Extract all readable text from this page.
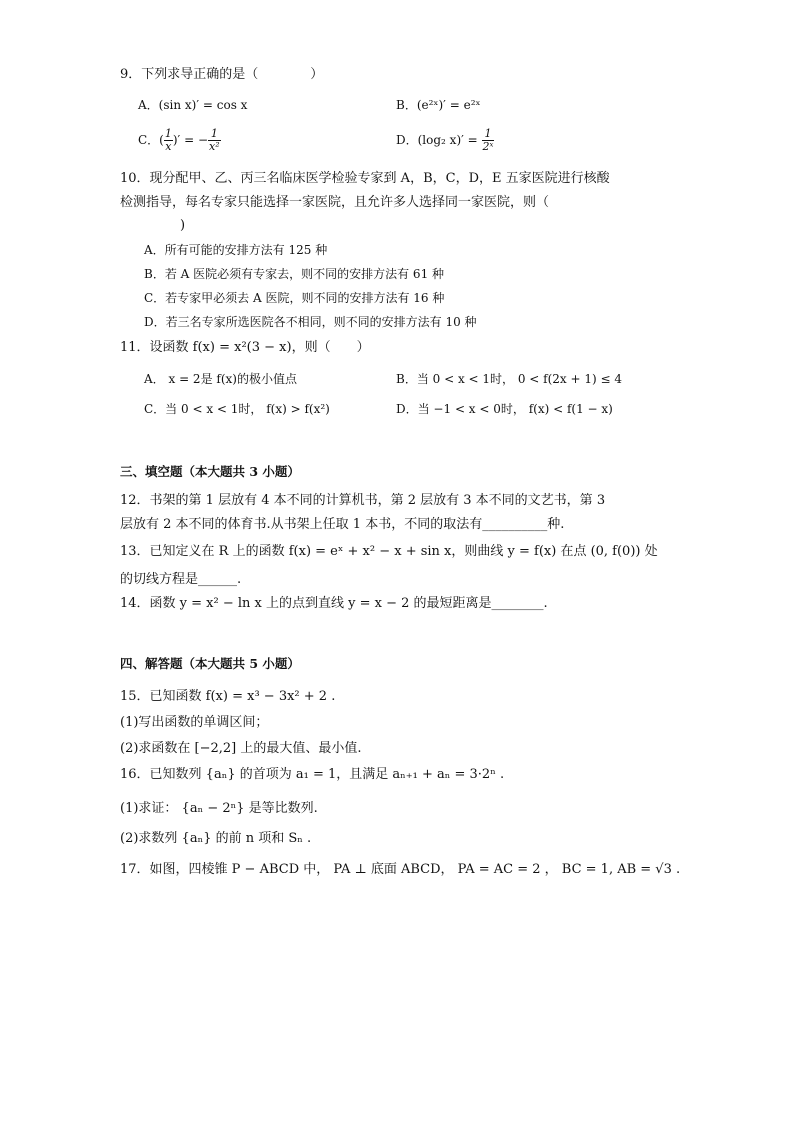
9．下列求导正确的是（　　　　）
A．(sin x)′ = cos x	B．(e²ˣ)′ = e²ˣ
C．( $\frac{1}{x}$ )′ = − $\frac{1}{\text{x²}}$	D．(log₂ $x)' = \frac{1}{\text{2ˣ}}$
10．现分配甲、乙、丙三名临床医学检验专家到 A，B，C，D，E 五家医院进行核酸
检测指导，每名专家只能选择一家医院，且允许多人选择同一家医院，则（
)
A．所有可能的安排方法有 125 种
B．若 A 医院必须有专家去，则不同的安排方法有 61 种
C．若专家甲必须去 A 医院，则不同的安排方法有 16 种
D．若三名专家所选医院各不相同，则不同的安排方法有 10 种
11．设函数 f(x) = x²(3 − x)，则（　　）
A． x = 2是 f(x)的极小值点	B．当 0 < x < 1时， 0 < f(2x + 1) ≤ 4
C．当 0 < x < 1时， f(x) > f(x²)	D．当 −1 < x < 0时， f(x) < f(1 − x)
三、填空题（本大题共 3 小题）
12．书架的第 1 层放有 4 本不同的计算机书，第 2 层放有 3 本不同的文艺书，第 3
层放有 2 本不同的体育书.从书架上任取 1 本书，不同的取法有__________种.
13．已知定义在 R 上的函数 f(x) = eˣ + x² − x + sin x，则曲线 y = f(x) 在点 (0, f(0)) 处
的切线方程是______.
14．函数 y = x² − ln x 上的点到直线 y = x − 2 的最短距离是________.
四、解答题（本大题共 5 小题）
15．已知函数 f(x) = x³ − 3x² + 2 .
(1)写出函数的单调区间；
(2)求函数在 [−2,2] 上的最大值、最小值.
16．已知数列 {aₙ} 的首项为 a₁ = 1，且满足 aₙ₊₁ + aₙ = 3·2ⁿ .
(1)求证： {aₙ − 2ⁿ} 是等比数列.
(2)求数列 {aₙ} 的前 n 项和 Sₙ .
17．如图，四棱锥 P − ABCD 中， PA ⊥ 底面 ABCD， PA = AC = 2 ， BC = 1, AB = √3 .
